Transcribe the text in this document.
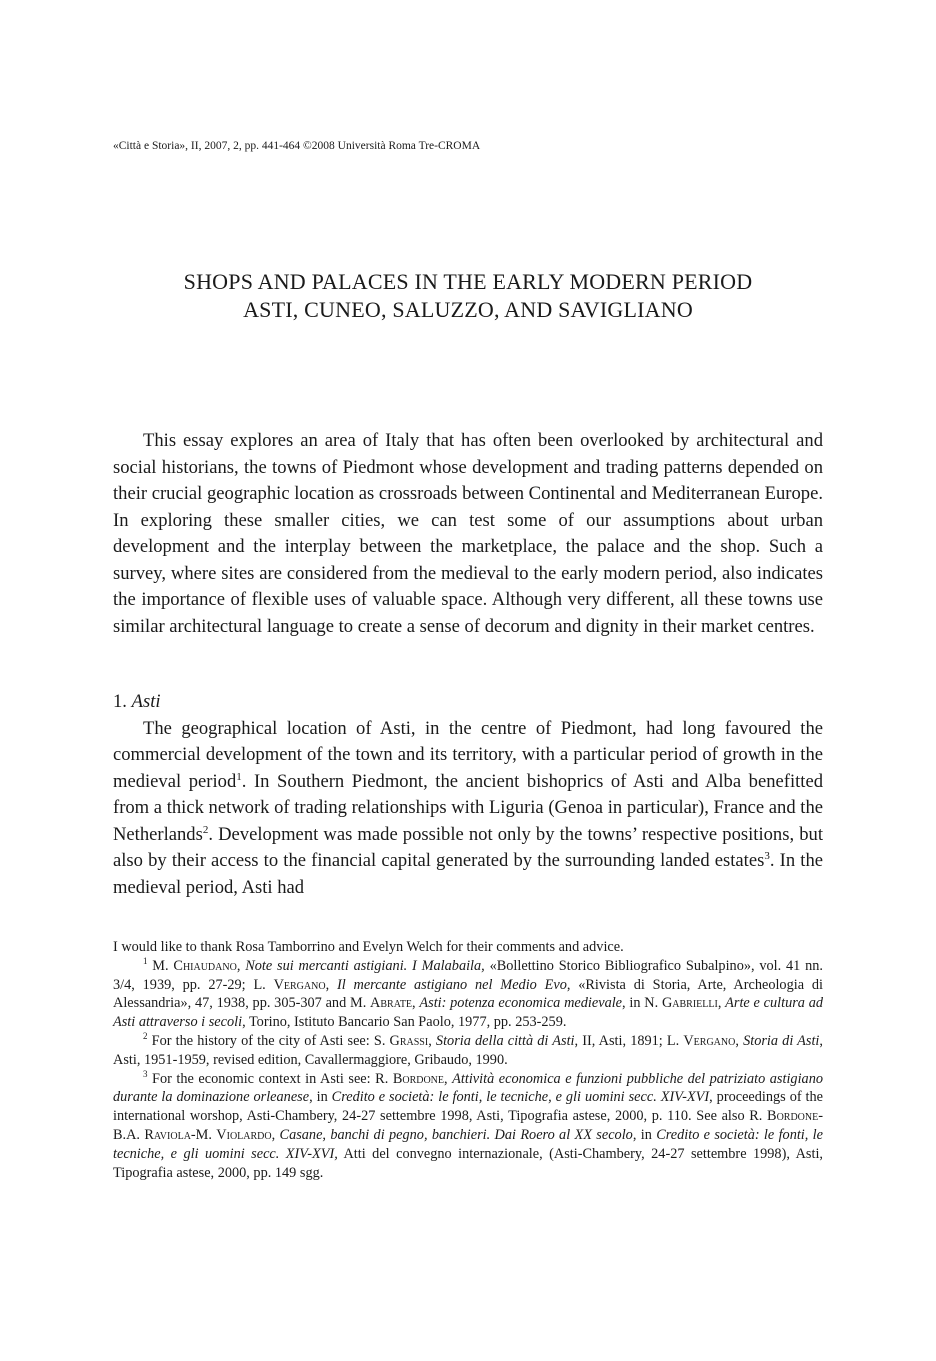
«Città e Storia», II, 2007, 2, pp. 441-464 ©2008 Università Roma Tre-CROMA
SHOPS AND PALACES IN THE EARLY MODERN PERIOD
ASTI, CUNEO, SALUZZO, AND SAVIGLIANO

This essay explores an area of Italy that has often been overlooked by architectural and social historians, the towns of Piedmont whose development and trading patterns depended on their crucial geographic location as crossroads between Continental and Mediterranean Europe. In exploring these smaller cities, we can test some of our assumptions about urban development and the interplay between the marketplace, the palace and the shop. Such a survey, where sites are considered from the medieval to the early modern period, also indicates the importance of flexible uses of valuable space. Although very different, all these towns use similar architectural language to create a sense of decorum and dignity in their market centres.

1. Asti

The geographical location of Asti, in the centre of Piedmont, had long favoured the commercial development of the town and its territory, with a particular period of growth in the medieval period$^1$. In Southern Piedmont, the ancient bishoprics of Asti and Alba benefitted from a thick network of trading relationships with Liguria (Genoa in particular), France and the Netherlands$^2$. Development was made possible not only by the towns’ respective positions, but also by their access to the financial capital generated by the surrounding landed estates$^3$. In the medieval period, Asti had

I would like to thank Rosa Tamborrino and Evelyn Welch for their comments and advice.

$^1$ M. Chiaudano, Note sui mercanti astigiani. I Malabaila, «Bollettino Storico Bibliografico Subalpino», vol. 41 nn. 3/4, 1939, pp. 27-29; L. Vergano, Il mercante astigiano nel Medio Evo, «Rivista di Storia, Arte, Archeologia di Alessandria», 47, 1938, pp. 305-307 and M. Abrate, Asti: potenza economica medievale, in N. Gabrielli, Arte e cultura ad Asti attraverso i secoli, Torino, Istituto Bancario San Paolo, 1977, pp. 253-259.

$^2$ For the history of the city of Asti see: S. Grassi, Storia della città di Asti, II, Asti, 1891; L. Vergano, Storia di Asti, Asti, 1951-1959, revised edition, Cavallermaggiore, Gribaudo, 1990.

$^3$ For the economic context in Asti see: R. Bordone, Attività economica e funzioni pubbliche del patriziato astigiano durante la dominazione orleanese, in Credito e società: le fonti, le tecniche, e gli uomini secc. XIV-XVI, proceedings of the international worshop, Asti-Chambery, 24-27 settembre 1998, Asti, Tipografia astese, 2000, p. 110. See also R. Bordone-B.A. Raviola-M. Violardo, Casane, banchi di pegno, banchieri. Dai Roero al XX secolo, in Credito e società: le fonti, le tecniche, e gli uomini secc. XIV-XVI, Atti del convegno internazionale, (Asti-Chambery, 24-27 settembre 1998), Asti, Tipografia astese, 2000, pp. 149 sgg.
